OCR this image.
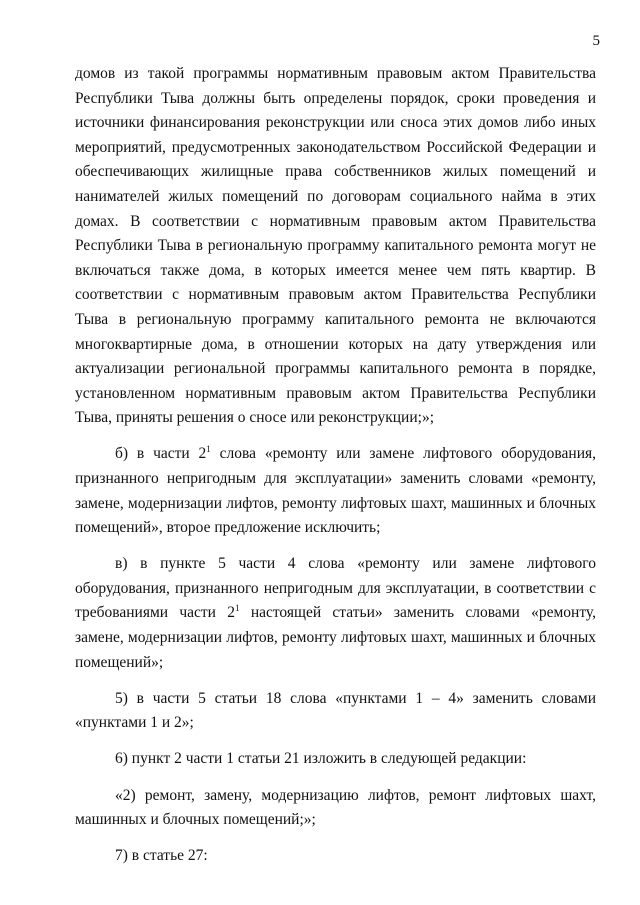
5

домов из такой программы нормативным правовым актом Правительства Республики Тыва должны быть определены порядок, сроки проведения и источники финансирования реконструкции или сноса этих домов либо иных мероприятий, предусмотренных законодательством Российской Федерации и обеспечивающих жилищные права собственников жилых помещений и нанимателей жилых помещений по договорам социального найма в этих домах. В соответствии с нормативным правовым актом Правительства Республики Тыва в региональную программу капитального ремонта могут не включаться также дома, в которых имеется менее чем пять квартир. В соответствии с нормативным правовым актом Правительства Республики Тыва в региональную программу капитального ремонта не включаются многоквартирные дома, в отношении которых на дату утверждения или актуализации региональной программы капитального ремонта в порядке, установленном нормативным правовым актом Правительства Республики Тыва, приняты решения о сносе или реконструкции;»;

б) в части $2^1$ слова «ремонту или замене лифтового оборудования, признанного непригодным для эксплуатации» заменить словами «ремонту, замене, модернизации лифтов, ремонту лифтовых шахт, машинных и блочных помещений», второе предложение исключить;

в) в пункте 5 части 4 слова «ремонту или замене лифтового оборудования, признанного непригодным для эксплуатации, в соответствии с требованиями части $2^1$ настоящей статьи» заменить словами «ремонту, замене, модернизации лифтов, ремонту лифтовых шахт, машинных и блочных помещений»;

5) в части 5 статьи 18 слова «пунктами 1 – 4» заменить словами «пунктами 1 и 2»;

6) пункт 2 части 1 статьи 21 изложить в следующей редакции:

«2) ремонт, замену, модернизацию лифтов, ремонт лифтовых шахт, машинных и блочных помещений;»;

7) в статье 27:
